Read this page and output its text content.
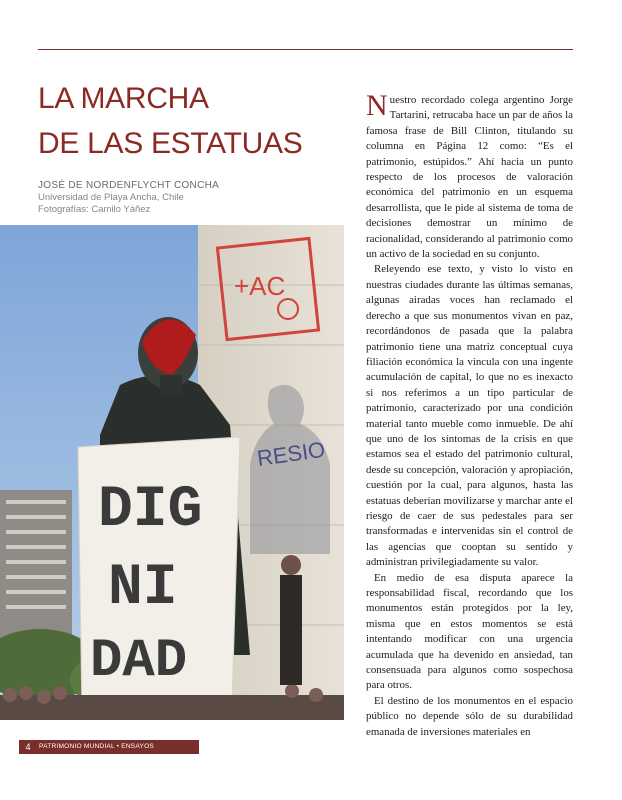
LA MARCHA
DE LAS ESTATUAS
JOSÉ DE NORDENFLYCHT CONCHA
Universidad de Playa Ancha, Chile
Fotografías: Camilo Yáñez
+AC
RESIO
DIG
NI
DAD

Nuestro recordado colega argentino Jorge Tartarini, retrucaba hace un par de años la famosa frase de Bill Clinton, titulando su columna en Página 12 como: “Es el patrimonio, estúpidos.” Ahí hacia un punto respecto de los procesos de valoración económica del patrimonio en un esquema desarrollista, que le pide al sistema de toma de decisiones demostrar un mínimo de racionalidad, considerando al patrimonio como un activo de la sociedad en su conjunto.

Releyendo ese texto, y visto lo visto en nuestras ciudades durante las últimas semanas, algunas airadas voces han reclamado el derecho a que sus monumentos vivan en paz, recordándonos de pasada que la palabra patrimonio tiene una matriz conceptual cuya filiación económica la vincula con una ingente acumulación de capital, lo que no es inexacto si nos referimos a un tipo particular de patrimonio, caracterizado por una condición material tanto mueble como inmueble. De ahí que uno de los síntomas de la crisis en que estamos sea el estado del patrimonio cultural, desde su concepción, valoración y apropiación, cuestión por la cual, para algunos, hasta las estatuas deberían movilizarse y marchar ante el riesgo de caer de sus pedestales para ser transformadas e intervenidas sin el control de las agencias que cooptan su sentido y administran privilegiadamente su valor.

En medio de esa disputa aparece la responsabilidad fiscal, recordando que los monumentos están protegidos por la ley, misma que en estos momentos se está intentando modificar con una urgencia acumulada que ha devenido en ansiedad, tan consensuada para algunos como sospechosa para otros.

El destino de los monumentos en el espacio público no depende sólo de su durabilidad emanada de inversiones materiales en

4	PATRIMONIO MUNDIAL • ENSAYOS
